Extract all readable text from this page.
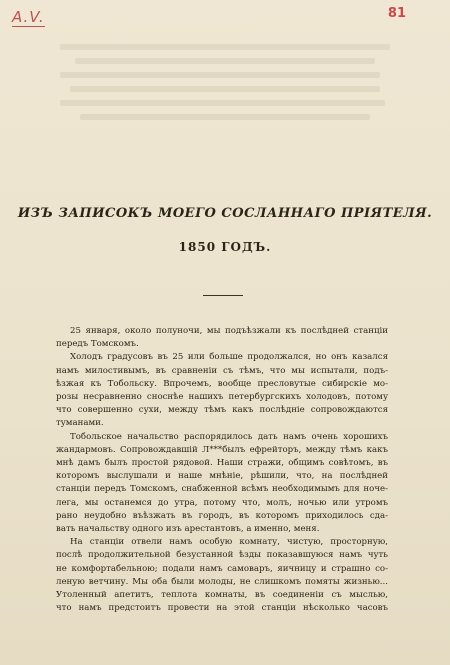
A.V.	81
ИЗЪ ЗАПИСОКЪ МОЕГО СОСЛАННАГО ПРІЯТЕЛЯ.
1850 ГОДЪ.
25 января, около полуночи, мы подъѣзжали къ послѣдней станціи
передъ Томскомъ.
Холодъ градусовъ въ 25 или больше продолжался, но онъ казался
намъ милостивымъ, въ сравненіи съ тѣмъ, что мы испытали, подъ-
ѣзжая къ Тобольску. Впрочемъ, вообще пресловутые сибирскіе мо-
розы несравненно сноснѣе нашихъ петербургскихъ холодовъ, потому
что совершенно сухи, между тѣмъ какъ послѣдніе сопровождаются
туманами.
Тобольское начальство распорядилось дать намъ очень хорошихъ
жандармовъ. Сопровождавшій Л***былъ ефрейторъ, между тѣмъ какъ
мнѣ дамъ былъ простой рядовой. Наши стражи, общимъ совѣтомъ, въ
которомъ выслушали и наше мнѣніе, рѣшили, что, на послѣдней
станціи передъ Томскомъ, снабженной всѣмъ необходимымъ для ноче-
легa, мы останемся до утра, потому что, молъ, ночью или утромъ
рано неудобно въѣзжать въ городъ, въ которомъ приходилось сда-
вать начальству одного изъ арестантовъ, а именно, меня.
На станціи отвели намъ особую комнату, чистую, просторную,
послѣ продолжительной безустанной ѣзды показавшуюся намъ чуть
не комфортабельною; подали намъ самоваръ, яичницу и страшно со-
леную ветчину. Мы оба были молоды, не слишкомъ помяты жизнью...
Утоленный апетитъ, теплота комнаты, въ соединеніи съ мыслью,
что намъ предстоитъ провести на этой станціи нѣсколько часовъ
